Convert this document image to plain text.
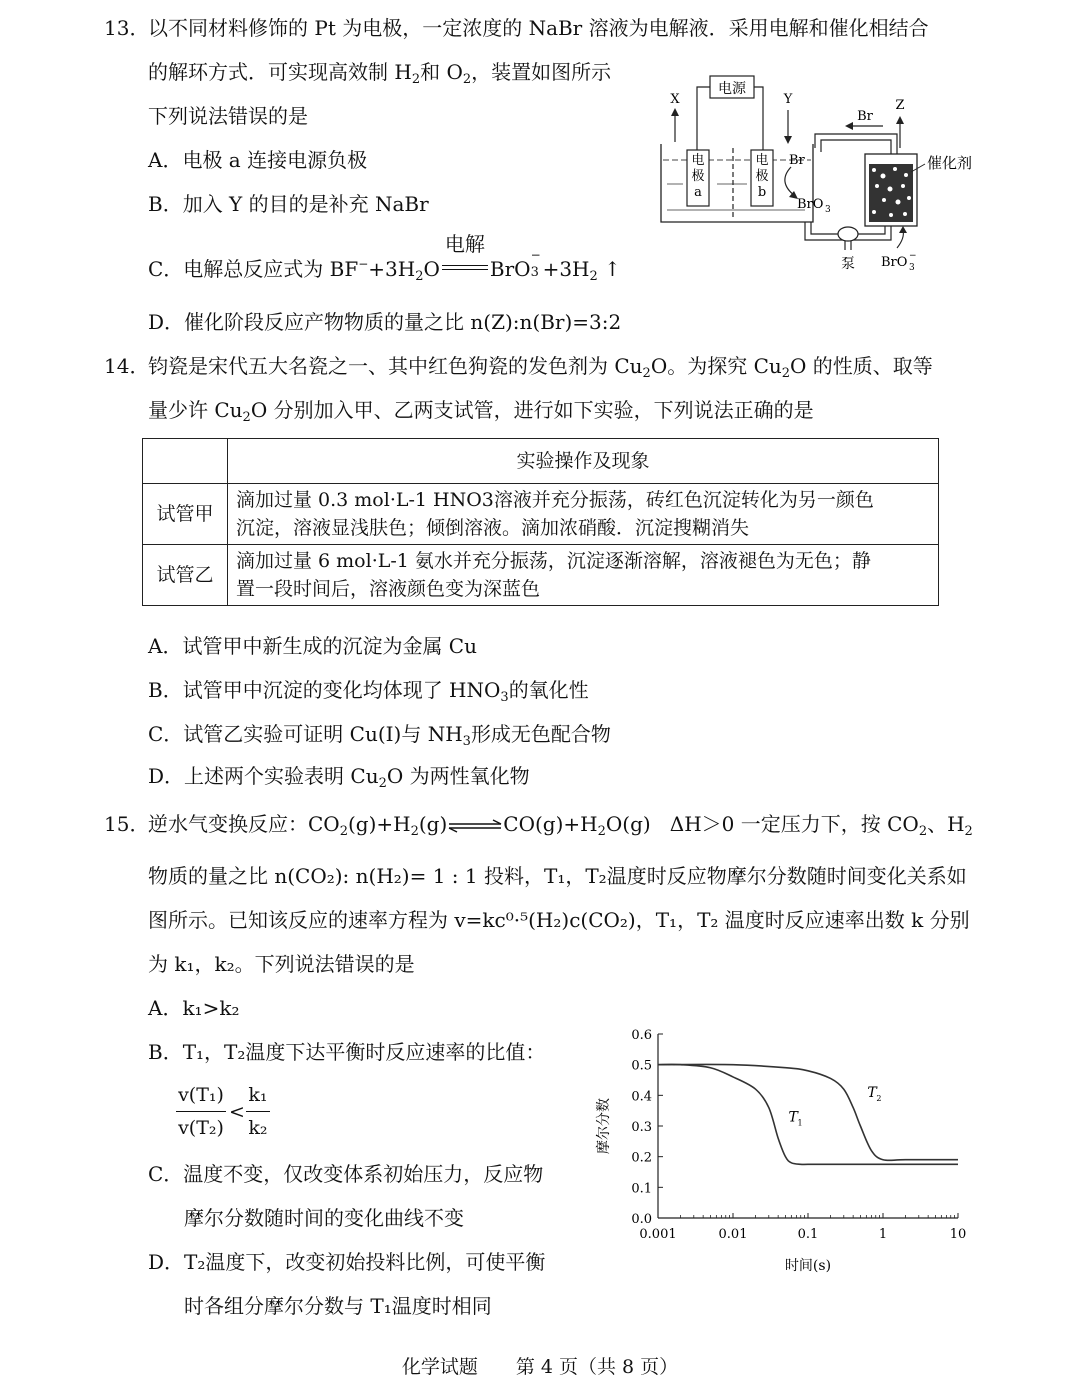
13．
以不同材料修饰的 Pt 为电极，一定浓度的 NaBr 溶液为电解液．采用电解和催化相结合
的解环方式．可实现高效制 $H_2$和 $O_2$，装置如图所示
下列说法错误的是
A．电极 a 连接电源负极
B．加入 Y 的目的是补充 NaBr
C．电解总反应式为 $BF^-+3H_2O$
电解
BrO
−
$3 +3H_2$ ↑
D．催化阶段反应产物物质的量之比 n(Z):n(Br)=3:2
电源
X	Y
电
极
a
电
极
b
Br
BrO 3
Br
Z
催化剂
泵 BrO −
3
14．
钧瓷是宋代五大名瓷之一、其中红色狗瓷的发色剂为 $Cu_2O$。为探究 $Cu_2O$ 的性质、取等
量少许 $Cu_2O$ 分别加入甲、乙两支试管，进行如下实验，下列说法正确的是
	实验操作及现象
试管甲	滴加过量 0.3 mol·L-1 HNO3溶液并充分振荡，砖红色沉淀转化为另一颜色
沉淀，溶液显浅肤色；倾倒溶液。滴加浓硝酸．沉淀搜糊消失
试管乙	滴加过量 6 mol·L-1 氨水并充分振荡，沉淀逐渐溶解，溶液褪色为无色；静
置一段时间后，溶液颜色变为深蓝色
A．试管甲中新生成的沉淀为金属 Cu
B．试管甲中沉淀的变化均体现了 $HNO_3$的氧化性
C．试管乙实验可证明 Cu(I)与 $NH_3$形成无色配合物
D．上述两个实验表明 $Cu_2O$ 为两性氧化物
15．
逆水气变换反应：$CO_2(g)+H_2(g)$	$CO(g)+H_2O(g)$ ΔH＞0 一定压力下，按 $CO_2$、$H_2$
物质的量之比 n(CO₂): n(H₂)= 1 : 1 投料，T₁，T₂温度时反应物摩尔分数随时间变化关系如
图所示。已知该反应的速率方程为 v=kc⁰·⁵(H₂)c(CO₂)，T₁，T₂ 温度时反应速率出数 k 分别
为 k₁，k₂。下列说法错误的是
A．k₁>k₂
B．T₁，T₂温度下达平衡时反应速率的比值：
v(T₁)
v(T₂)
<
k₁
k₂
C．温度不变，仅改变体系初始压力，反应物
摩尔分数随时间的变化曲线不变
D．T₂温度下，改变初始投料比例，可使平衡
时各组分摩尔分数与 T₁温度时相同
0.0
0.1
0.2
0.3
0.4
0.5
0.6
0.001	0.01	0.1	1	10
T 1
T 2
摩尔分数
时间(s)
化学试题　　第 4 页（共 8 页）
